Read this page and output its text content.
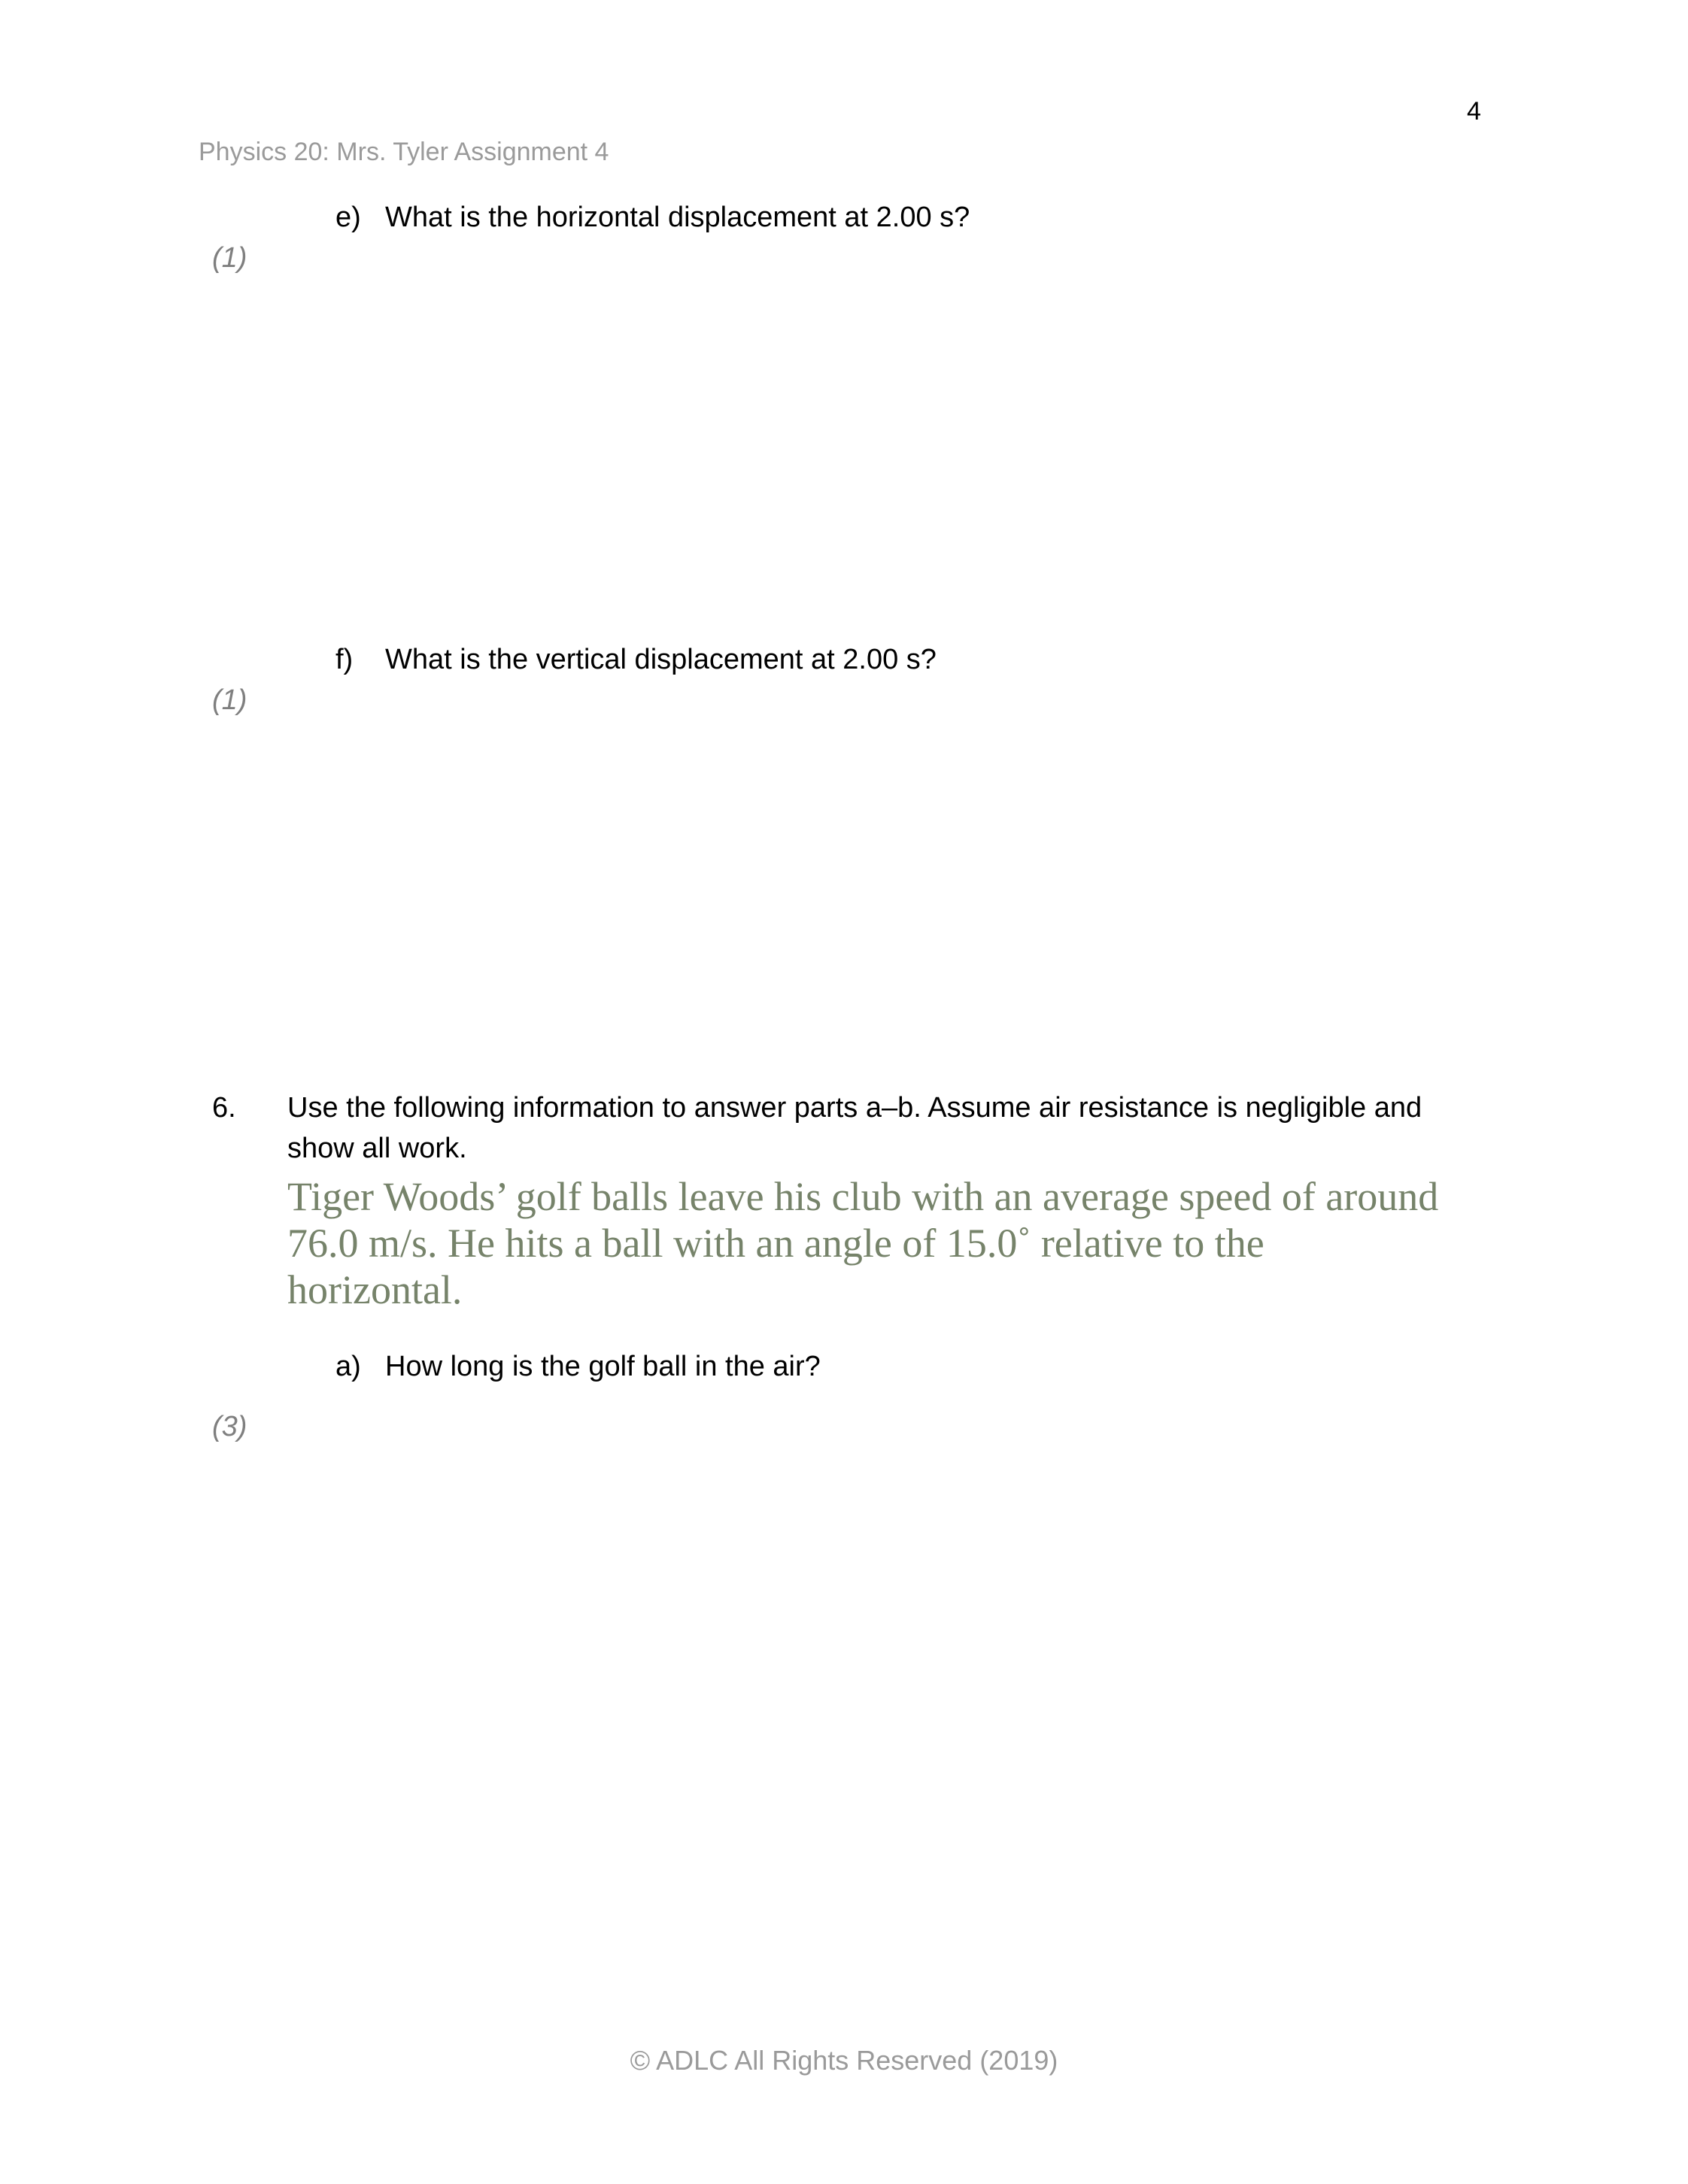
4
Physics 20: Mrs. Tyler Assignment 4
e) What is the horizontal displacement at 2.00 s?
(1)
f) What is the vertical displacement at 2.00 s?
(1)
6. Use the following information to answer parts a–b. Assume air resistance is negligible and show all work.
Tiger Woods’ golf balls leave his club with an average speed of around 76.0 m/s. He hits a ball with an angle of 15.0˚ relative to the horizontal.
a) How long is the golf ball in the air?
(3)
© ADLC All Rights Reserved (2019)
